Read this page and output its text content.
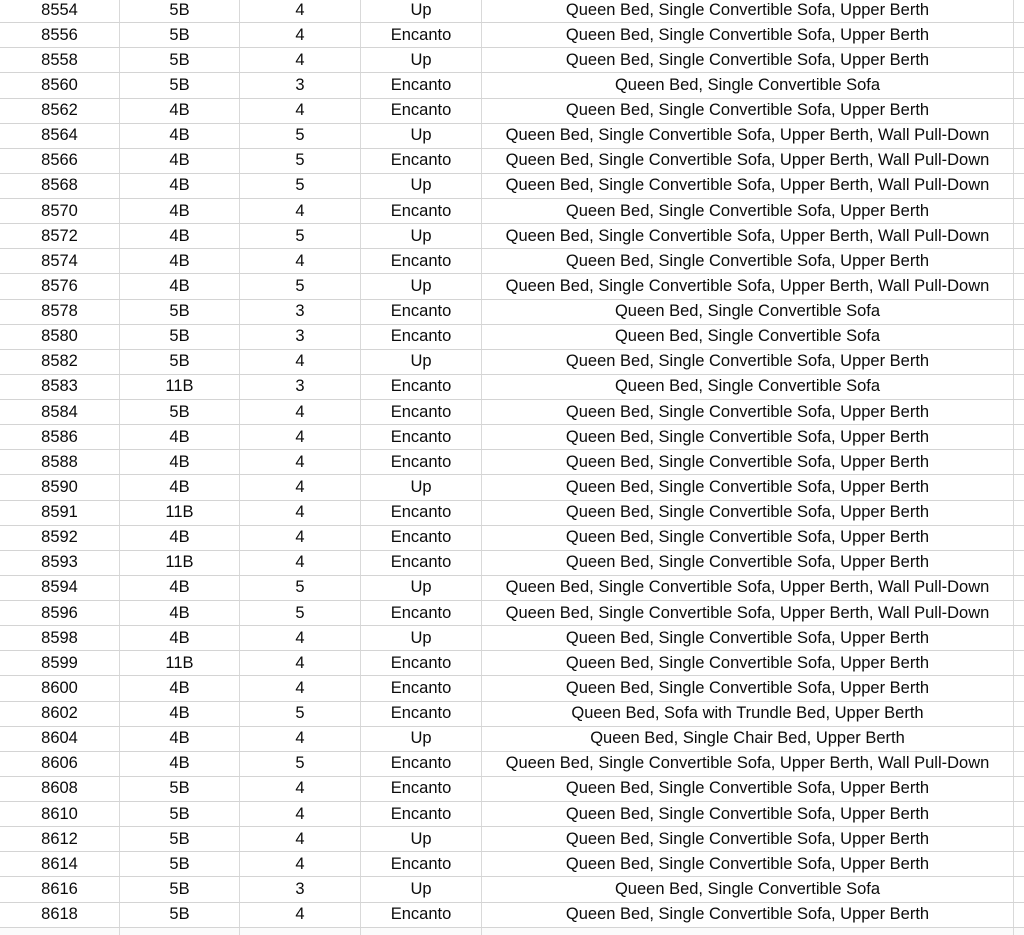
8554	5B	4	Up	Queen Bed, Single Convertible Sofa, Upper Berth
8556	5B	4	Encanto	Queen Bed, Single Convertible Sofa, Upper Berth
8558	5B	4	Up	Queen Bed, Single Convertible Sofa, Upper Berth
8560	5B	3	Encanto	Queen Bed, Single Convertible Sofa
8562	4B	4	Encanto	Queen Bed, Single Convertible Sofa, Upper Berth
8564	4B	5	Up	Queen Bed, Single Convertible Sofa, Upper Berth, Wall Pull-Down
8566	4B	5	Encanto	Queen Bed, Single Convertible Sofa, Upper Berth, Wall Pull-Down
8568	4B	5	Up	Queen Bed, Single Convertible Sofa, Upper Berth, Wall Pull-Down
8570	4B	4	Encanto	Queen Bed, Single Convertible Sofa, Upper Berth
8572	4B	5	Up	Queen Bed, Single Convertible Sofa, Upper Berth, Wall Pull-Down
8574	4B	4	Encanto	Queen Bed, Single Convertible Sofa, Upper Berth
8576	4B	5	Up	Queen Bed, Single Convertible Sofa, Upper Berth, Wall Pull-Down
8578	5B	3	Encanto	Queen Bed, Single Convertible Sofa
8580	5B	3	Encanto	Queen Bed, Single Convertible Sofa
8582	5B	4	Up	Queen Bed, Single Convertible Sofa, Upper Berth
8583	11B	3	Encanto	Queen Bed, Single Convertible Sofa
8584	5B	4	Encanto	Queen Bed, Single Convertible Sofa, Upper Berth
8586	4B	4	Encanto	Queen Bed, Single Convertible Sofa, Upper Berth
8588	4B	4	Encanto	Queen Bed, Single Convertible Sofa, Upper Berth
8590	4B	4	Up	Queen Bed, Single Convertible Sofa, Upper Berth
8591	11B	4	Encanto	Queen Bed, Single Convertible Sofa, Upper Berth
8592	4B	4	Encanto	Queen Bed, Single Convertible Sofa, Upper Berth
8593	11B	4	Encanto	Queen Bed, Single Convertible Sofa, Upper Berth
8594	4B	5	Up	Queen Bed, Single Convertible Sofa, Upper Berth, Wall Pull-Down
8596	4B	5	Encanto	Queen Bed, Single Convertible Sofa, Upper Berth, Wall Pull-Down
8598	4B	4	Up	Queen Bed, Single Convertible Sofa, Upper Berth
8599	11B	4	Encanto	Queen Bed, Single Convertible Sofa, Upper Berth
8600	4B	4	Encanto	Queen Bed, Single Convertible Sofa, Upper Berth
8602	4B	5	Encanto	Queen Bed, Sofa with Trundle Bed, Upper Berth
8604	4B	4	Up	Queen Bed, Single Chair Bed, Upper Berth
8606	4B	5	Encanto	Queen Bed, Single Convertible Sofa, Upper Berth, Wall Pull-Down
8608	5B	4	Encanto	Queen Bed, Single Convertible Sofa, Upper Berth
8610	5B	4	Encanto	Queen Bed, Single Convertible Sofa, Upper Berth
8612	5B	4	Up	Queen Bed, Single Convertible Sofa, Upper Berth
8614	5B	4	Encanto	Queen Bed, Single Convertible Sofa, Upper Berth
8616	5B	3	Up	Queen Bed, Single Convertible Sofa
8618	5B	4	Encanto	Queen Bed, Single Convertible Sofa, Upper Berth
